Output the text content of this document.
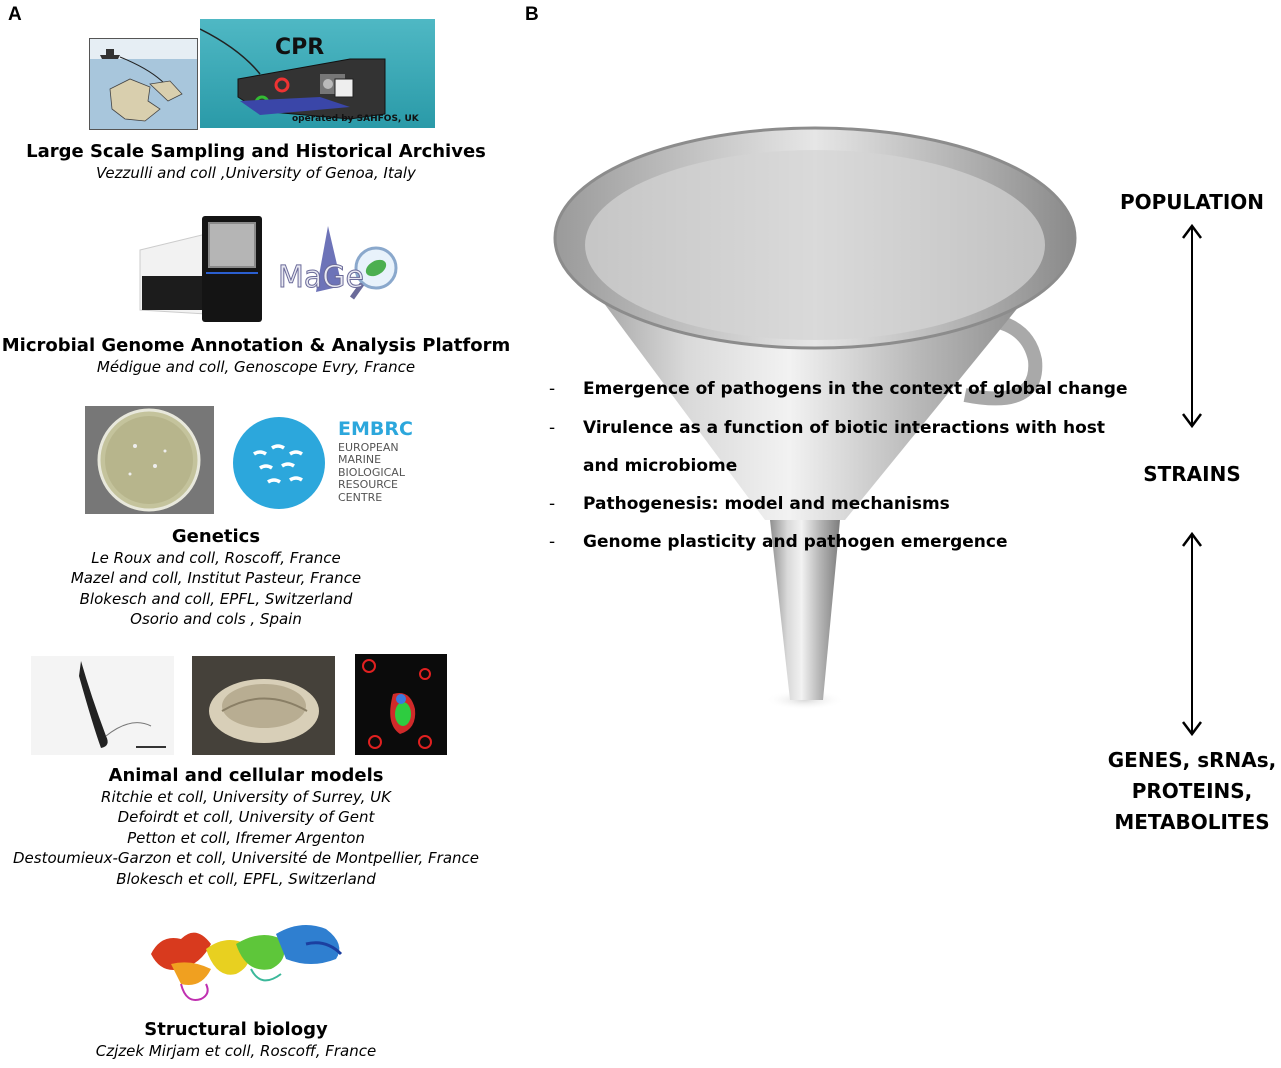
A	B
CPR
operated by SAHFOS, UK
Large Scale Sampling and Historical Archives
Vezzulli and coll ,University of Genoa, Italy
MaGe
Microbial Genome Annotation & Analysis Platform
Médigue and coll, Genoscope Evry, France
EMBRC
EUROPEAN
MARINE
BIOLOGICAL
RESOURCE
CENTRE
Genetics
Le Roux and coll, Roscoff, France
Mazel and coll, Institut Pasteur, France
Blokesch and coll, EPFL, Switzerland
Osorio and cols , Spain
Animal and cellular models
Ritchie et coll, University of Surrey, UK
Defoirdt et coll, University of Gent
Petton et coll, Ifremer Argenton
Destoumieux-Garzon et coll, Université de Montpellier, France
Blokesch et coll, EPFL, Switzerland
Structural biology
Czjzek Mirjam et coll, Roscoff, France
- Emergence of pathogens in the context of global change
- Virulence as a function of biotic interactions with host
and microbiome
- Pathogenesis: model and mechanisms
- Genome plasticity and pathogen emergence
POPULATION
STRAINS
GENES, sRNAs,
PROTEINS,
METABOLITES
